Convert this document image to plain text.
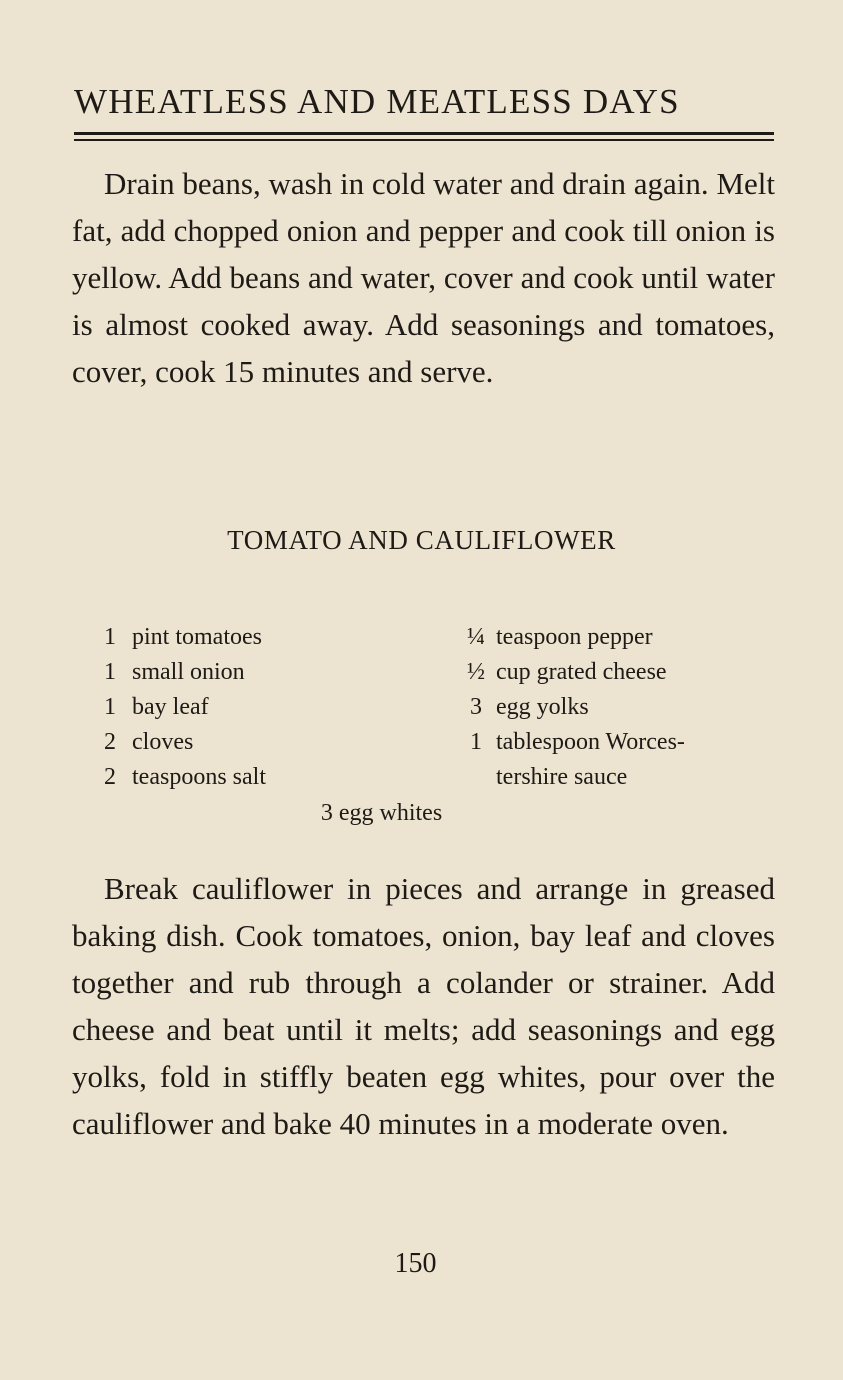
WHEATLESS AND MEATLESS DAYS

Drain beans, wash in cold water and drain again. Melt fat, add chopped onion and pepper and cook till onion is yellow. Add beans and water, cover and cook until water is almost cooked away. Add seasonings and tomatoes, cover, cook 15 minutes and serve.

TOMATO AND CAULIFLOWER
1 pint tomatoes
1 small onion
1 bay leaf
2 cloves
2 teaspoons salt
¼ teaspoon pepper
½ cup grated cheese
3 egg yolks
1 tablespoon Worces-
tershire sauce
3 egg whites

Break cauliflower in pieces and arrange in greased baking dish. Cook tomatoes, onion, bay leaf and cloves together and rub through a colander or strainer. Add cheese and beat until it melts; add seasonings and egg yolks, fold in stiffly beaten egg whites, pour over the cauliflower and bake 40 minutes in a moderate oven.

150
